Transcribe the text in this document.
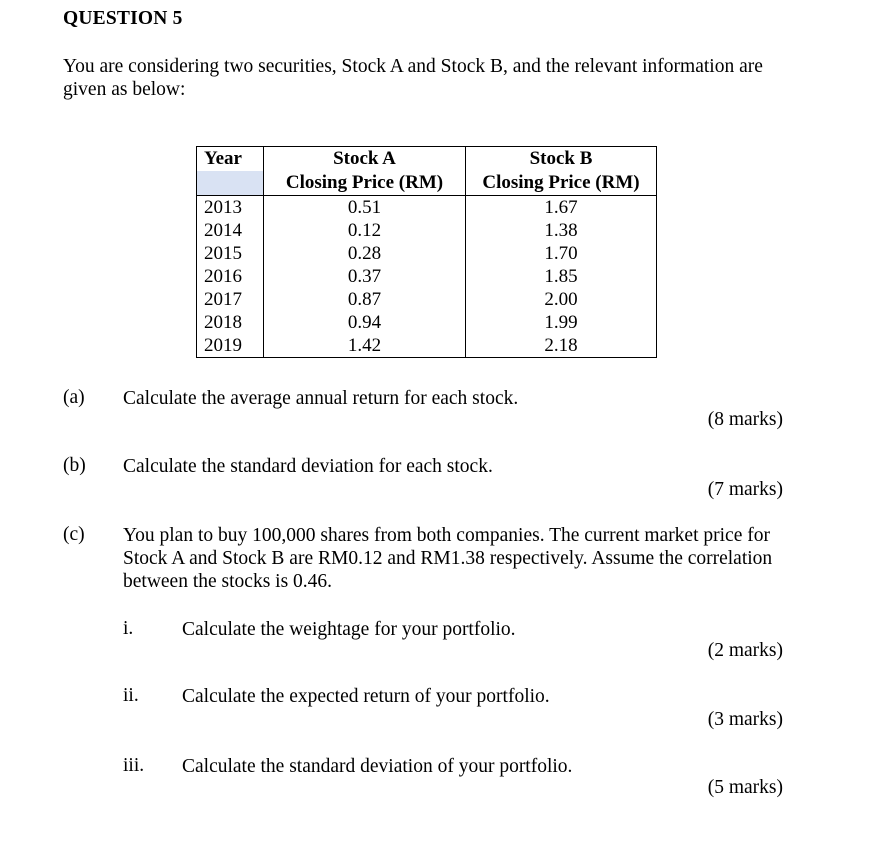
QUESTION 5
You are considering two securities, Stock A and Stock B, and the relevant information are given as below:
Year	Stock A	Stock B
	Closing Price (RM)	Closing Price (RM)
2013	0.51	1.67
2014	0.12	1.38
2015	0.28	1.70
2016	0.37	1.85
2017	0.87	2.00
2018	0.94	1.99
2019	1.42	2.18
(a) Calculate the average annual return for each stock.
(8 marks)
(b) Calculate the standard deviation for each stock.
(7 marks)
(c) You plan to buy 100,000 shares from both companies. The current market price for Stock A and Stock B are RM0.12 and RM1.38 respectively. Assume the correlation between the stocks is 0.46.
i. Calculate the weightage for your portfolio.
(2 marks)
ii. Calculate the expected return of your portfolio.
(3 marks)
iii. Calculate the standard deviation of your portfolio.
(5 marks)
